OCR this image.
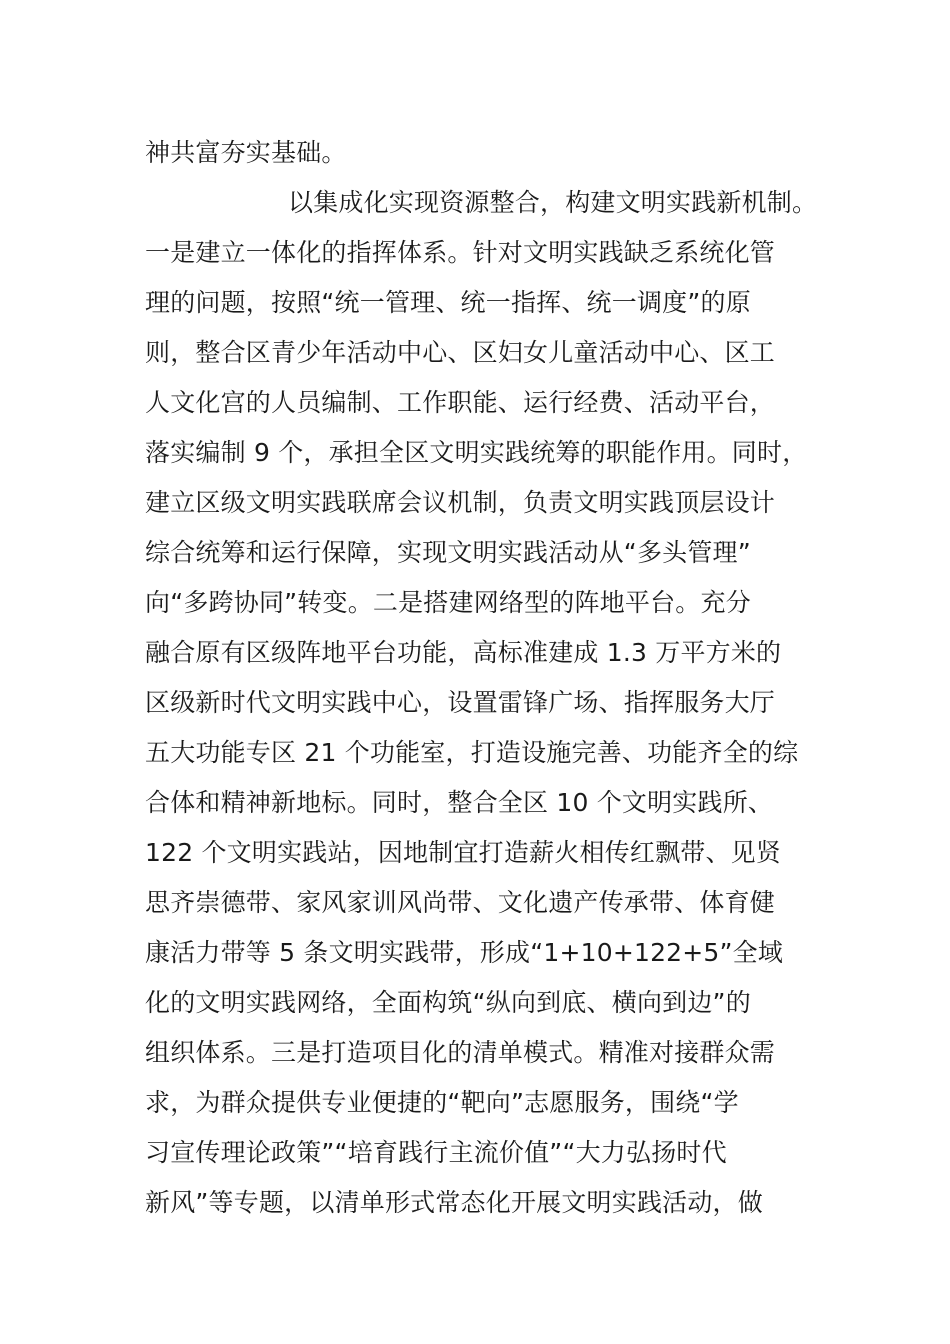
神共富夯实基础。
以集成化实现资源整合，构建文明实践新机制。
一是建立一体化的指挥体系。针对文明实践缺乏系统化管
理的问题，按照“统一管理、统一指挥、统一调度”的原
则，整合区青少年活动中心、区妇女儿童活动中心、区工
人文化宫的人员编制、工作职能、运行经费、活动平台，
落实编制 9 个，承担全区文明实践统筹的职能作用。同时，
建立区级文明实践联席会议机制，负责文明实践顶层设计
综合统筹和运行保障，实现文明实践活动从“多头管理”
向“多跨协同”转变。二是搭建网络型的阵地平台。充分
融合原有区级阵地平台功能，高标准建成 1.3 万平方米的
区级新时代文明实践中心，设置雷锋广场、指挥服务大厅
五大功能专区 21 个功能室，打造设施完善、功能齐全的综
合体和精神新地标。同时，整合全区 10 个文明实践所、
122 个文明实践站，因地制宜打造薪火相传红飘带、见贤
思齐崇德带、家风家训风尚带、文化遗产传承带、体育健
康活力带等 5 条文明实践带，形成“1+10+122+5”全域
化的文明实践网络，全面构筑“纵向到底、横向到边”的
组织体系。三是打造项目化的清单模式。精准对接群众需
求，为群众提供专业便捷的“靶向”志愿服务，围绕“学
习宣传理论政策”“培育践行主流价值”“大力弘扬时代
新风”等专题，以清单形式常态化开展文明实践活动，做
